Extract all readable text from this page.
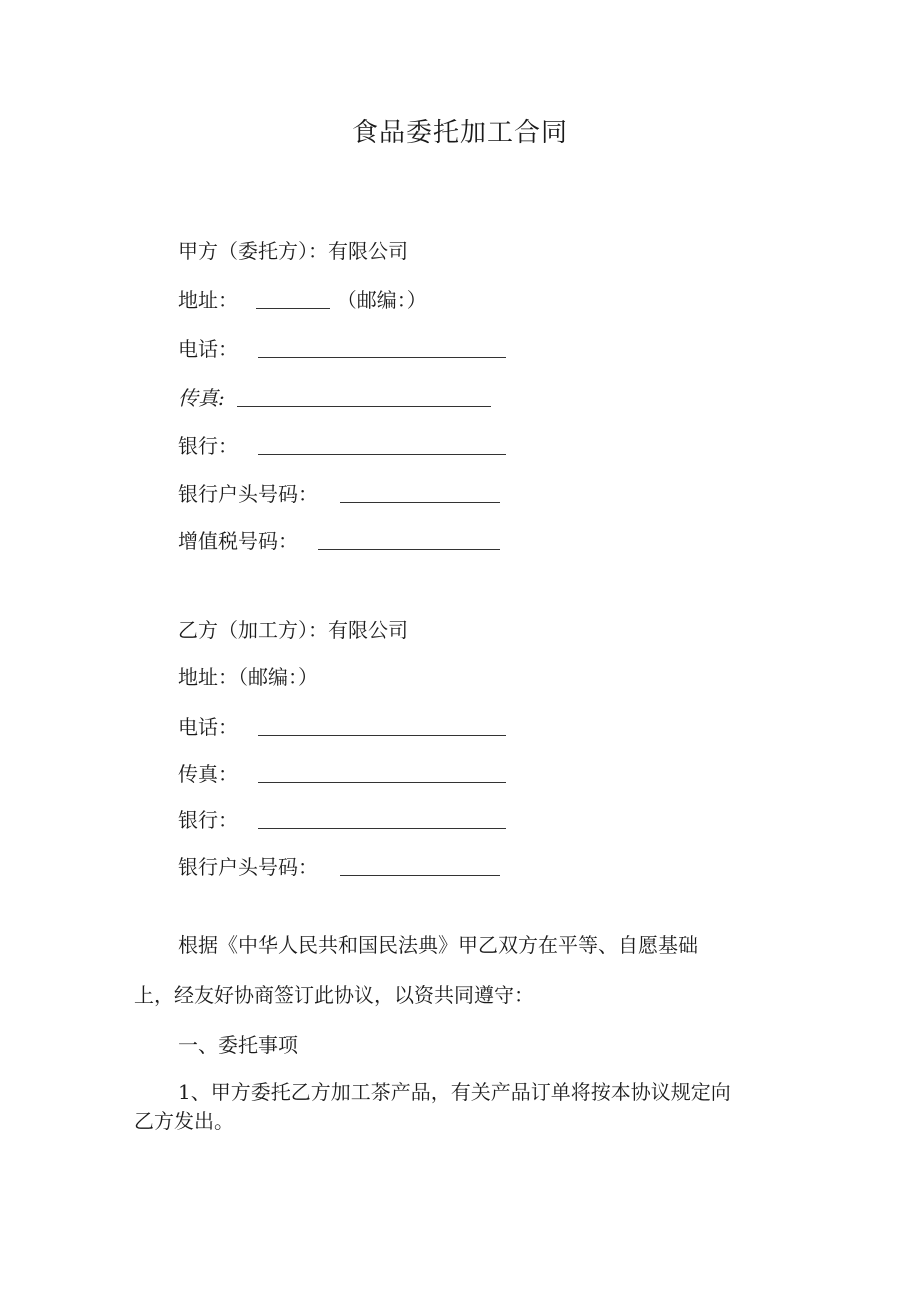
食品委托加工合同
甲方（委托方）：有限公司
地址：	（邮编：）
电话：
传真:
银行：
银行户头号码：
增值税号码：
乙方（加工方）：有限公司
地址：（邮编：）
电话：
传真：
银行：
银行户头号码：
根据《中华人民共和国民法典》甲乙双方在平等、自愿基础
上，经友好协商签订此协议，以资共同遵守：
一、委托事项
1、甲方委托乙方加工茶产品，有关产品订单将按本协议规定向
乙方发出。
